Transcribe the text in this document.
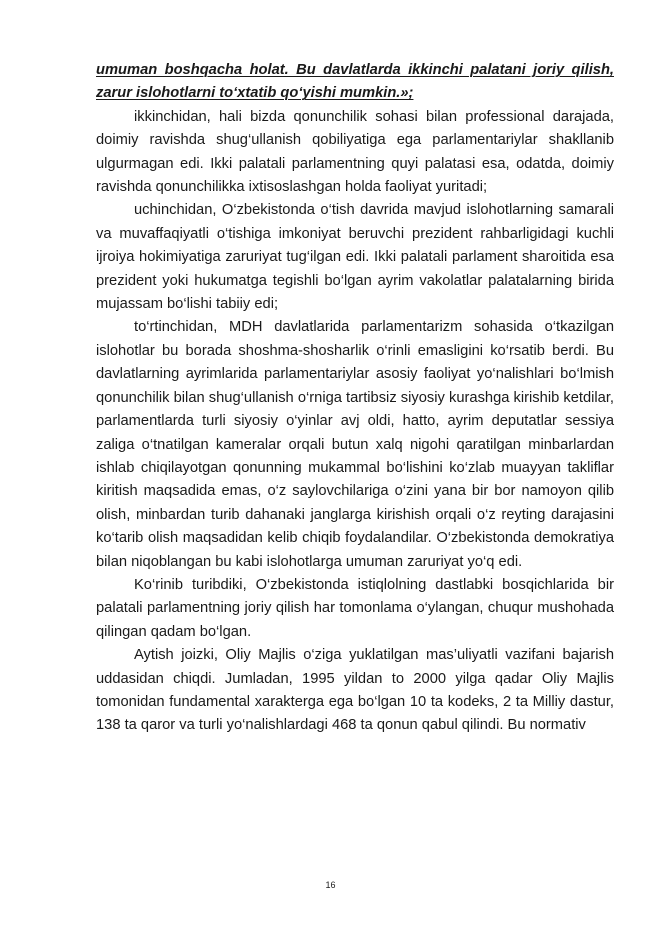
umuman boshqacha holat. Bu davlatlarda ikkinchi palatani joriy qilish, zarur islohotlarni to‘xtatib qo‘yishi mumkin.»;

ikkinchidan, hali bizda qonunchilik sohasi bilan professional darajada, doimiy ravishda shug‘ullanish qobiliyatiga ega parlamentariylar shakllanib ulgurmagan edi. Ikki palatali parlamentning quyi palatasi esa, odatda, doimiy ravishda qonunchilikka ixtisoslashgan holda faoliyat yuritadi;

uchinchidan, O‘zbekistonda o‘tish davrida mavjud islohotlarning samarali va muvaffaqiyatli o‘tishiga imkoniyat beruvchi prezident rahbarligidagi kuchli ijroiya hokimiyatiga zaruriyat tug‘ilgan edi. Ikki palatali parlament sharoitida esa prezident yoki hukumatga tegishli bo‘lgan ayrim vakolatlar palatalarning birida mujassam bo‘lishi tabiiy edi;

to‘rtinchidan, MDH davlatlarida parlamentarizm sohasida o‘tkazilgan islohotlar bu borada shoshma-shosharlik o‘rinli emasligini ko‘rsatib berdi. Bu davlatlarning ayrimlarida parlamentariylar asosiy faoliyat yo‘nalishlari bo‘lmish qonunchilik bilan shug‘ullanish o‘rniga tartibsiz siyosiy kurashga kirishib ketdilar, parlamentlarda turli siyosiy o‘yinlar avj oldi, hatto, ayrim deputatlar sessiya zaliga o‘tnatilgan kameralar orqali butun xalq nigohi qaratilgan minbarlardan ishlab chiqilayotgan qonunning mukammal bo‘lishini ko‘zlab muayyan takliflar kiritish maqsadida emas, o‘z saylovchilariga o‘zini yana bir bor namoyon qilib olish, minbardan turib dahanaki janglarga kirishish orqali o‘z reyting darajasini ko‘tarib olish maqsadidan kelib chiqib foydalandilar. O‘zbekistonda demokratiya bilan niqoblangan bu kabi islohotlarga umuman zaruriyat yo‘q edi.

Ko‘rinib turibdiki, O‘zbekistonda istiqlolning dastlabki bosqichlarida bir palatali parlamentning joriy qilish har tomonlama o‘ylangan, chuqur mushohada qilingan qadam bo‘lgan.

Aytish joizki, Oliy Majlis o‘ziga yuklatilgan mas’uliyatli vazifani bajarish uddasidan chiqdi. Jumladan, 1995 yildan to 2000 yilga qadar Oliy Majlis tomonidan fundamental xarakterga ega bo‘lgan 10 ta kodeks, 2 ta Milliy dastur, 138 ta qaror va turli yo‘nalishlardagi 468 ta qonun qabul qilindi. Bu normativ

16
